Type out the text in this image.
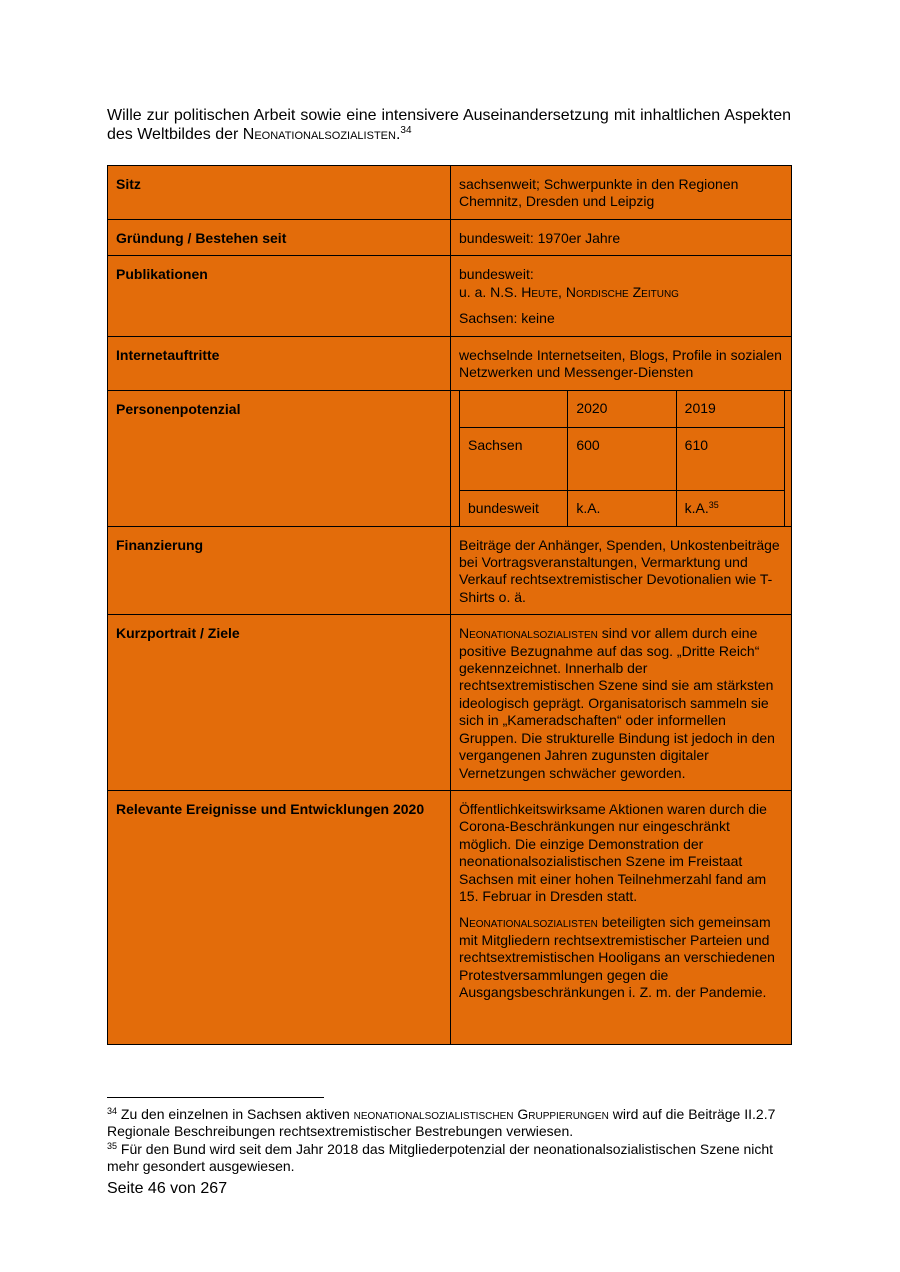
Wille zur politischen Arbeit sowie eine intensivere Auseinandersetzung mit inhaltlichen Aspekten des Weltbildes der Neonationalsozialisten.$^{34}$

Sitz	sachsenweit; Schwerpunkte in den Regionen Chemnitz, Dresden und Leipzig
Gründung / Bestehen seit	bundesweit: 1970er Jahre
Publikationen	bundesweit:
u. a. N.S. Heute, Nordische Zeitung

Sachsen: keine

Internetauftritte	wechselnde Internetseiten, Blogs, Profile in sozialen Netzwerken und Messenger-Diensten
Personenpotenzial	
		2020	2019
Sachsen	600	610
bundesweit	k.A.	k.A.$^{35}$

Finanzierung	Beiträge der Anhänger, Spenden, Unkostenbeiträge bei Vortragsveranstaltungen, Vermarktung und Verkauf rechtsextremistischer Devotionalien wie T-Shirts o. ä.
Kurzportrait / Ziele	Neonationalsozialisten sind vor allem durch eine positive Bezugnahme auf das sog. „Dritte Reich“ gekennzeichnet. Innerhalb der rechtsextremistischen Szene sind sie am stärksten ideologisch geprägt. Organisatorisch sammeln sie sich in „Kameradschaften“ oder informellen Gruppen. Die strukturelle Bindung ist jedoch in den vergangenen Jahren zugunsten digitaler Vernetzungen schwächer geworden.
Relevante Ereignisse und Entwicklungen 2020	Öffentlichkeitswirksame Aktionen waren durch die Corona-Beschränkungen nur eingeschränkt möglich. Die einzige Demonstration der neonationalsozialistischen Szene im Freistaat Sachsen mit einer hohen Teilnehmerzahl fand am 15. Februar in Dresden statt.

Neonationalsozialisten beteiligten sich gemeinsam mit Mitgliedern rechtsextremistischer Parteien und rechtsextremistischen Hooligans an verschiedenen Protestversammlungen gegen die Ausgangsbeschränkungen i. Z. m. der Pandemie.

$^{34}$ Zu den einzelnen in Sachsen aktiven neonationalsozialistischen Gruppierungen wird auf die Beiträge II.2.7 Regionale Beschreibungen rechtsextremistischer Bestrebungen verwiesen.

$^{35}$ Für den Bund wird seit dem Jahr 2018 das Mitgliederpotenzial der neonationalsozialistischen Szene nicht mehr gesondert ausgewiesen.

Seite 46 von 267
